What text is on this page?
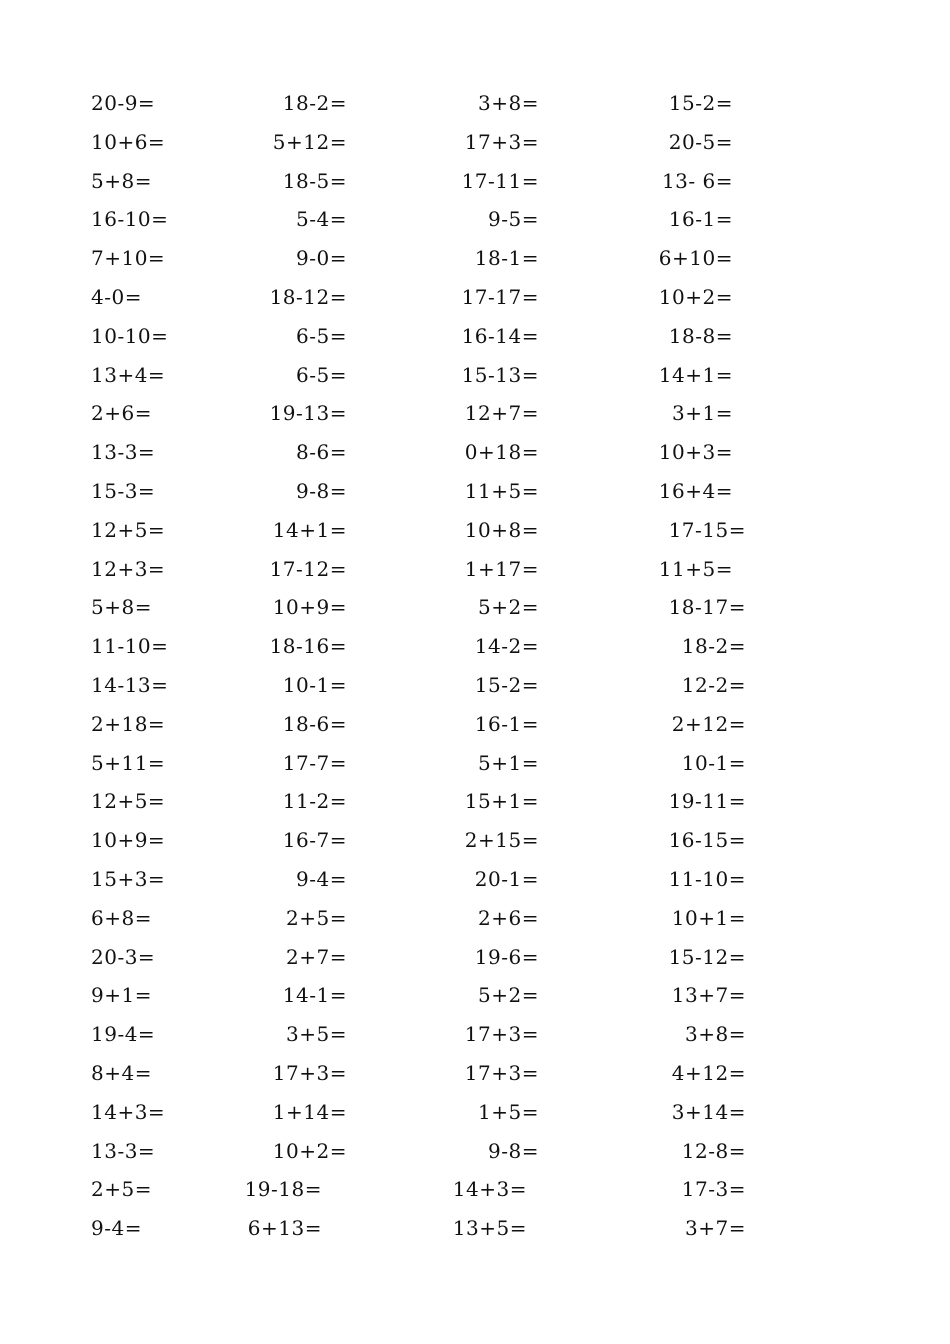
20-9=	18-2=	3+8=	15-2=
10+6=	5+12=	17+3=	20-5=
5+8=	18-5=	17-11=	13- 6=
16-10=	5-4=	9-5=	16-1=
7+10=	9-0=	18-1=	6+10=
4-0=	18-12=	17-17=	10+2=
10-10=	6-5=	16-14=	18-8=
13+4=	6-5=	15-13=	14+1=
2+6=	19-13=	12+7=	3+1=
13-3=	8-6=	0+18=	10+3=
15-3=	9-8=	11+5=	16+4=
12+5=	14+1=	10+8=	17-15=
12+3=	17-12=	1+17=	11+5=
5+8=	10+9=	5+2=	18-17=
11-10=	18-16=	14-2=	18-2=
14-13=	10-1=	15-2=	12-2=
2+18=	18-6=	16-1=	2+12=
5+11=	17-7=	5+1=	10-1=
12+5=	11-2=	15+1=	19-11=
10+9=	16-7=	2+15=	16-15=
15+3=	9-4=	20-1=	11-10=
6+8=	2+5=	2+6=	10+1=
20-3=	2+7=	19-6=	15-12=
9+1=	14-1=	5+2=	13+7=
19-4=	3+5=	17+3=	3+8=
8+4=	17+3=	17+3=	4+12=
14+3=	1+14=	1+5=	3+14=
13-3=	10+2=	9-8=	12-8=
2+5=	19-18=	14+3=	17-3=
9-4=	6+13=	13+5=	3+7=
